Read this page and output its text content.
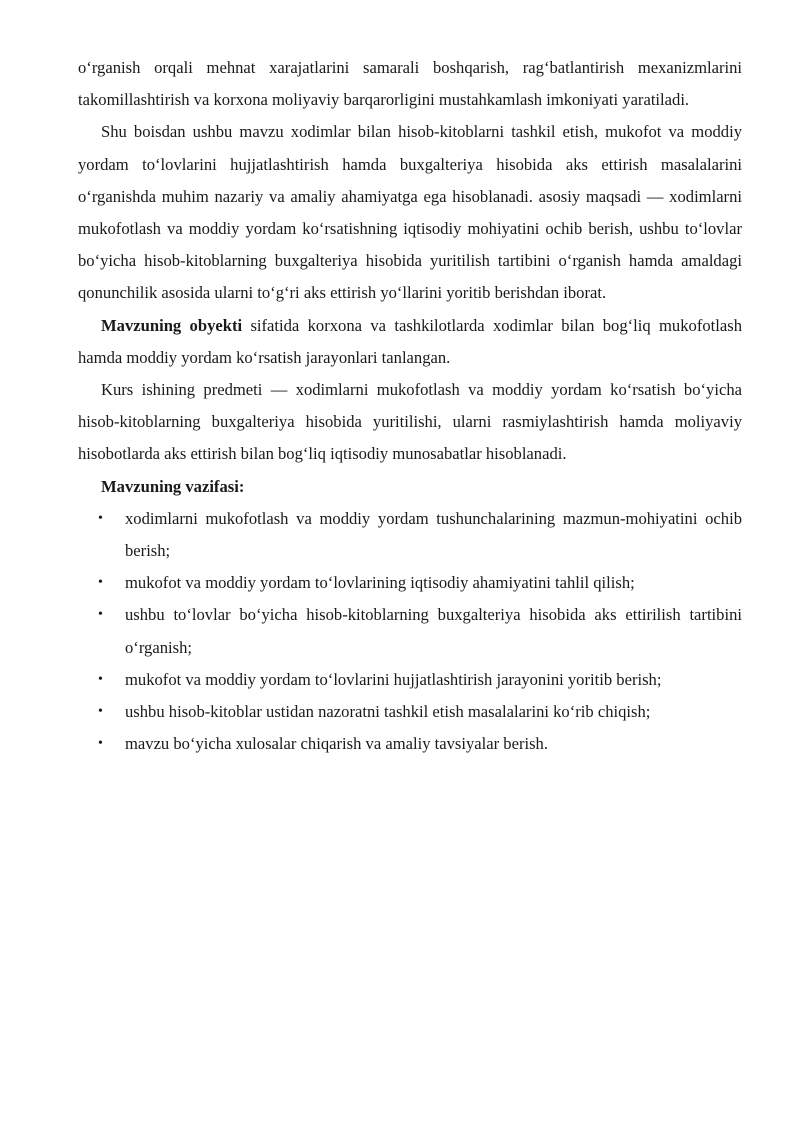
o‘rganish orqali mehnat xarajatlarini samarali boshqarish, rag‘batlantirish mexanizmlarini takomillashtirish va korxona moliyaviy barqarorligini mustahkamlash imkoniyati yaratiladi.

Shu boisdan ushbu mavzu xodimlar bilan hisob-kitoblarni tashkil etish, mukofot va moddiy yordam to‘lovlarini hujjatlashtirish hamda buxgalteriya hisobida aks ettirish masalalarini o‘rganishda muhim nazariy va amaliy ahamiyatga ega hisoblanadi. asosiy maqsadi — xodimlarni mukofotlash va moddiy yordam ko‘rsatishning iqtisodiy mohiyatini ochib berish, ushbu to‘lovlar bo‘yicha hisob-kitoblarning buxgalteriya hisobida yuritilish tartibini o‘rganish hamda amaldagi qonunchilik asosida ularni to‘g‘ri aks ettirish yo‘llarini yoritib berishdan iborat.

Mavzuning obyekti sifatida korxona va tashkilotlarda xodimlar bilan bog‘liq mukofotlash hamda moddiy yordam ko‘rsatish jarayonlari tanlangan.

Kurs ishining predmeti — xodimlarni mukofotlash va moddiy yordam ko‘rsatish bo‘yicha hisob-kitoblarning buxgalteriya hisobida yuritilishi, ularni rasmiylashtirish hamda moliyaviy hisobotlarda aks ettirish bilan bog‘liq iqtisodiy munosabatlar hisoblanadi.

Mavzuning vazifasi:

• xodimlarni mukofotlash va moddiy yordam tushunchalarining mazmun-mohiyatini ochib berish;
• mukofot va moddiy yordam to‘lovlarining iqtisodiy ahamiyatini tahlil qilish;
• ushbu to‘lovlar bo‘yicha hisob-kitoblarning buxgalteriya hisobida aks ettirilish tartibini o‘rganish;
• mukofot va moddiy yordam to‘lovlarini hujjatlashtirish jarayonini yoritib berish;
• ushbu hisob-kitoblar ustidan nazoratni tashkil etish masalalarini ko‘rib chiqish;
• mavzu bo‘yicha xulosalar chiqarish va amaliy tavsiyalar berish.
